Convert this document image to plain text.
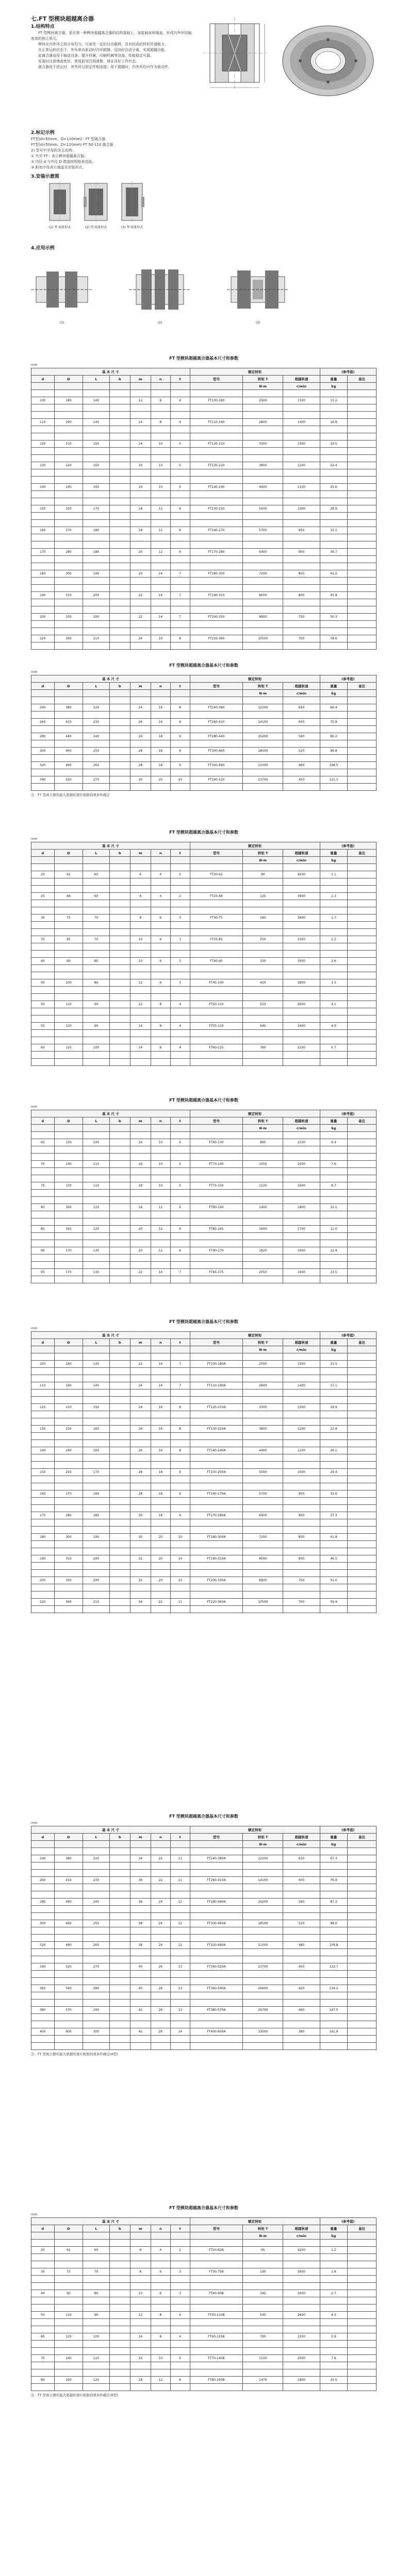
七.FT 型楔块超越离合器

1.结构特点

FT 型楔块离合器，是在第一种楔块超越离合器的结构基础上，加装轴承和端盖，形成内外环同轴度高的独立单元。

楔块在内外环之间分布均匀，可承受一定的径向载荷，具有较高的转矩传递能力。

在正常运转状态下，外环单向驱动时内环跟随，反向时自动分离，实现超越功能。

此离合器适用于输送设备、提升机械、印刷机械等设备，性能稳定可靠。

安装时注意端盖密封，使用前加注润滑脂，保证良好工作状态。

离合器用于逆止时，其外环与固定件相连接；用于超越时，内外环均可作为驱动件。

2.标记示例

FT型(d=50mm、D=110mm)：FT 型离合器

FT型(d=50mm、D=110mm) FT 50-110 离合器

2) 型号中字母的含义说明：

① 代号 FT：表示楔块超越离合器；

② 内径 d 与外径 D 数值按规格表选取；

③ 附加字母表示端盖及安装形式。

3.安装示意图

(1) 型 端盖形式	(2) 型 端盖形式	(3) 型 端盖形式

4.应用示例

(1)	(2)	(3)

FT 型楔块超越离合器基本尺寸和参数

mm

基 本 尺 寸							额定转矩			(参考值)	
d	D	L	b	m	n	t	型号	转矩 T	超越转速	重量	备注
								N·m	r/min	kg	

100	180	140		12	8	4	FT100-180	2500	1500	15.2	

110	190	140		14	8	4	FT110-190	2800	1400	16.8	

120	210	150		14	10	5	FT120-210	3300	1300	19.5	

130	220	160		16	10	5	FT130-220	3800	1200	22.4	

140	240	160		16	10	5	FT140-240	4400	1100	25.6	

150	250	170		18	12	6	FT150-250	5000	1000	28.9	

160	270	180		18	12	6	FT160-270	5700	950	33.1	

170	280	180		20	12	6	FT170-280	6400	900	36.7	

180	300	190		20	14	7	FT180-300	7200	850	41.2	

190	310	200		22	14	7	FT190-310	8000	800	45.8	

200	330	200		22	14	7	FT200-330	8900	750	50.3	

220	360	210		24	16	8	FT220-360	10500	700	58.6	

FT 型楔块超越离合器基本尺寸和参数

mm

基 本 尺 寸							额定转矩			(参考值)	
d	D	L	b	m	n	t	型号	转矩 T	超越转速	重量	备注
								N·m	r/min	kg	

240	380	220		24	16	8	FT240-380	12200	650	66.4	

260	410	230		26	16	8	FT260-410	14100	600	75.9	

280	440	240		26	18	9	FT280-440	16200	560	86.2	

300	460	250		28	18	9	FT300-460	18500	520	96.8	

320	490	260		28	18	9	FT320-490	21000	480	108.5	

340	520	270		30	20	10	FT340-520	23700	450	121.3	

注：FT 型离合器的最大超越转速应根据润滑条件确定

FT 型楔块超越离合器基本尺寸和参数

mm

基 本 尺 寸							额定转矩			(参考值)	
d	D	L	b	m	n	t	型号	转矩 T	超越转速	重量	备注
								N·m	r/min	kg	

20	62	60		6	4	2	FT20-62	90	4200	1.1	

25	68	60		8	4	2	FT25-68	125	3900	1.3	

30	75	70		8	6	3	FT30-75	180	3600	1.7	

35	85	70		10	6	3	FT35-85	250	3300	2.2	

40	90	80		10	6	3	FT40-90	330	3000	2.6	

45	100	80		12	6	3	FT45-100	420	2800	3.3	

50	110	90		12	8	4	FT50-110	520	2600	4.1	

55	120	90		14	8	4	FT55-120	640	2400	4.9	

60	125	100		14	8	4	FT60-125	760	2200	5.7	

FT 型楔块超越离合器基本尺寸和参数

mm

基 本 尺 寸							额定转矩			(参考值)	
d	D	L	b	m	n	t	型号	转矩 T	超越转速	重量	备注
								N·m	r/min	kg	

65	130	100		16	10	5	FT65-130	890	2100	6.4	

70	140	110		16	10	5	FT70-140	1050	2000	7.6	

75	150	110		18	10	5	FT75-150	1220	1900	8.7	

80	160	120		18	12	6	FT80-160	1400	1800	10.1	

85	165	120		20	12	6	FT85-165	1600	1700	11.0	

90	170	130		20	12	6	FT90-170	1820	1650	12.4	

95	175	130		22	14	7	FT95-175	2050	1600	13.5	

FT 型楔块超越离合器基本尺寸和参数

mm

基 本 尺 寸							额定转矩			(参考值)	
d	D	L	b	m	n	t	型号	转矩 T	超越转速	重量	备注
								N·m	r/min	kg	

100	180	140		22	14	7	FT100-180A	2500	1500	15.5	

110	190	140		24	14	7	FT110-190A	2800	1400	17.1	

120	210	150		24	16	8	FT120-210A	3300	1300	19.9	

130	220	160		26	16	8	FT130-220A	3800	1200	22.8	

140	240	160		26	16	8	FT140-240A	4400	1100	26.1	

150	250	170		28	18	9	FT150-250A	5000	1000	29.4	

160	270	180		28	18	9	FT160-270A	5700	950	33.6	

170	280	180		30	18	9	FT170-280A	6400	900	37.3	

180	300	190		30	20	10	FT180-300A	7200	850	41.9	

190	310	200		32	20	10	FT190-310A	8000	800	46.5	

200	330	200		32	20	10	FT200-330A	8900	750	51.0	

220	360	210		34	22	11	FT220-360A	10500	700	59.4	

FT 型楔块超越离合器基本尺寸和参数

mm

基 本 尺 寸							额定转矩			(参考值)	
d	D	L	b	m	n	t	型号	转矩 T	超越转速	重量	备注
								N·m	r/min	kg	

240	380	220		34	22	11	FT240-380A	12200	650	67.3	

260	410	230		36	22	11	FT260-410A	14100	600	76.9	

280	440	240		36	24	12	FT280-440A	16200	560	87.3	

300	460	250		38	24	12	FT300-460A	18500	520	98.0	

320	490	260		38	24	12	FT320-490A	21000	480	109.8	

340	520	270		40	26	13	FT340-520A	23700	450	122.7	

360	540	280		40	26	13	FT360-540A	26600	420	134.2	

380	570	290		42	26	13	FT380-570A	29700	400	147.5	

400	600	300		42	28	14	FT400-600A	33000	380	161.9	

注：FT 型离合器的最大超越转速应根据润滑条件确定(A型)

FT 型楔块超越离合器基本尺寸和参数

mm

基 本 尺 寸							额定转矩			(参考值)	
d	D	L	b	m	n	t	型号	转矩 T	超越转速	重量	备注
								N·m	r/min	kg	

20	62	60		6	4	2	FT20-62B	95	4200	1.2	

30	75	70		8	6	3	FT30-75B	190	3600	1.8	

40	90	80		10	6	3	FT40-90B	345	3000	2.7	

50	110	90		12	8	4	FT50-110B	545	2600	4.3	

60	125	100		14	8	4	FT60-125B	795	2200	5.9	

70	140	110		16	10	5	FT70-140B	1100	2000	7.9	

80	160	120		18	12	6	FT80-160B	1470	1800	10.5	

注：FT 型离合器的最大超越转速应根据润滑条件确定(B型)
